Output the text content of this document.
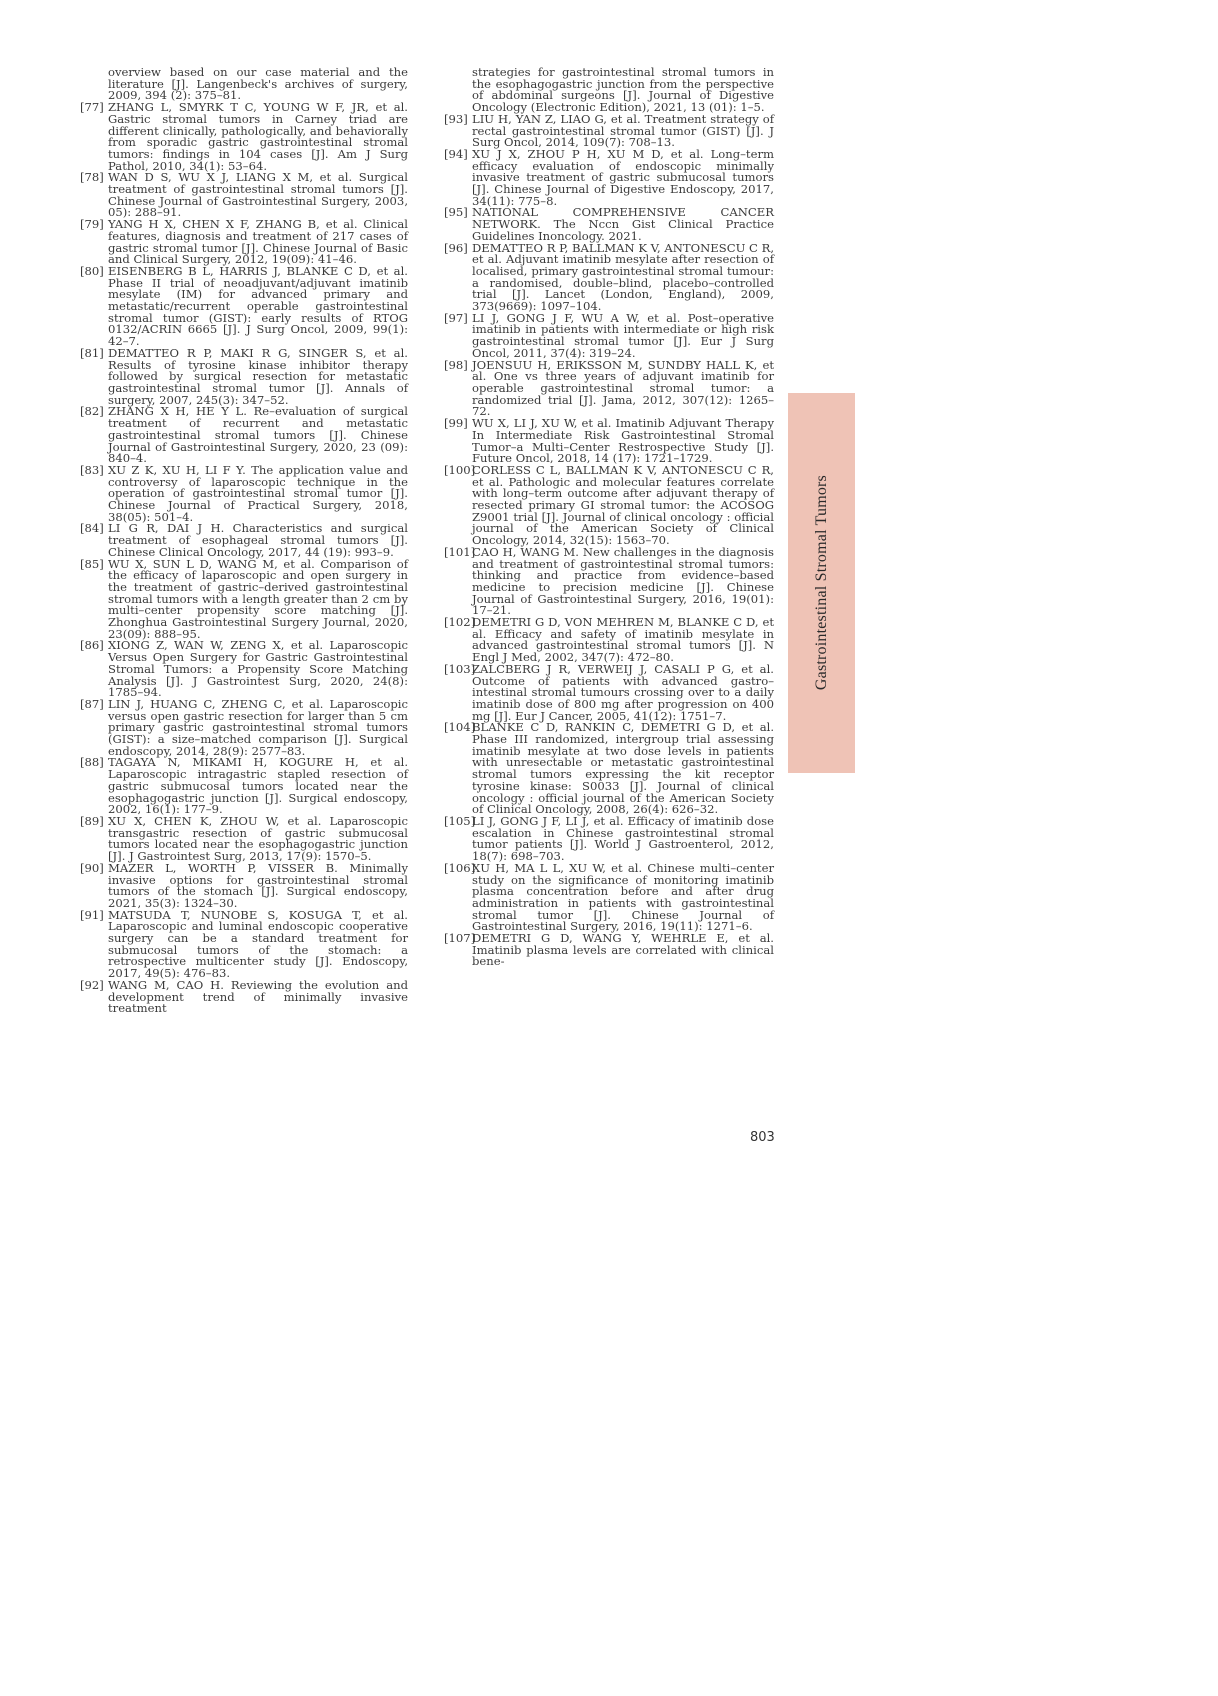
overview based on our case material and the literature [J]. Langenbeck's archives of surgery, 2009, 394 (2): 375–81.

[77] ZHANG L, SMYRK T C, YOUNG W F, JR, et al. Gastric stromal tumors in Carney triad are different clinically, pathologically, and behaviorally from sporadic gastric gastrointestinal stromal tumors: findings in 104 cases [J]. Am J Surg Pathol, 2010, 34(1): 53–64.

[78] WAN D S, WU X J, LIANG X M, et al. Surgical treatment of gastrointestinal stromal tumors [J]. Chinese Journal of Gastrointestinal Surgery, 2003, 05): 288–91.

[79] YANG H X, CHEN X F, ZHANG B, et al. Clinical features, diagnosis and treatment of 217 cases of gastric stromal tumor [J]. Chinese Journal of Basic and Clinical Surgery, 2012, 19(09): 41–46.

[80] EISENBERG B L, HARRIS J, BLANKE C D, et al. Phase II trial of neoadjuvant/adjuvant imatinib mesylate (IM) for advanced primary and metastatic/recurrent operable gastrointestinal stromal tumor (GIST): early results of RTOG 0132/ACRIN 6665 [J]. J Surg Oncol, 2009, 99(1): 42–7.

[81] DEMATTEO R P, MAKI R G, SINGER S, et al. Results of tyrosine kinase inhibitor therapy followed by surgical resection for metastatic gastrointestinal stromal tumor [J]. Annals of surgery, 2007, 245(3): 347–52.

[82] ZHANG X H, HE Y L. Re–evaluation of surgical treatment of recurrent and metastatic gastrointestinal stromal tumors [J]. Chinese Journal of Gastrointestinal Surgery, 2020, 23 (09): 840–4.

[83] XU Z K, XU H, LI F Y. The application value and controversy of laparoscopic technique in the operation of gastrointestinal stromal tumor [J]. Chinese Journal of Practical Surgery, 2018, 38(05): 501–4.

[84] LI G R, DAI J H. Characteristics and surgical treatment of esophageal stromal tumors [J]. Chinese Clinical Oncology, 2017, 44 (19): 993–9.

[85] WU X, SUN L D, WANG M, et al. Comparison of the efficacy of laparoscopic and open surgery in the treatment of gastric–derived gastrointestinal stromal tumors with a length greater than 2 cm by multi–center propensity score matching [J]. Zhonghua Gastrointestinal Surgery Journal, 2020, 23(09): 888–95.

[86] XIONG Z, WAN W, ZENG X, et al. Laparoscopic Versus Open Surgery for Gastric Gastrointestinal Stromal Tumors: a Propensity Score Matching Analysis [J]. J Gastrointest Surg, 2020, 24(8): 1785–94.

[87] LIN J, HUANG C, ZHENG C, et al. Laparoscopic versus open gastric resection for larger than 5 cm primary gastric gastrointestinal stromal tumors (GIST): a size–matched comparison [J]. Surgical endoscopy, 2014, 28(9): 2577–83.

[88] TAGAYA N, MIKAMI H, KOGURE H, et al. Laparoscopic intragastric stapled resection of gastric submucosal tumors located near the esophagogastric junction [J]. Surgical endoscopy, 2002, 16(1): 177–9.

[89] XU X, CHEN K, ZHOU W, et al. Laparoscopic transgastric resection of gastric submucosal tumors located near the esophagogastric junction [J]. J Gastrointest Surg, 2013, 17(9): 1570–5.

[90] MAZER L, WORTH P, VISSER B. Minimally invasive options for gastrointestinal stromal tumors of the stomach [J]. Surgical endoscopy, 2021, 35(3): 1324–30.

[91] MATSUDA T, NUNOBE S, KOSUGA T, et al. Laparoscopic and luminal endoscopic cooperative surgery can be a standard treatment for submucosal tumors of the stomach: a retrospective multicenter study [J]. Endoscopy, 2017, 49(5): 476–83.

[92] WANG M, CAO H. Reviewing the evolution and development trend of minimally invasive treatment

strategies for gastrointestinal stromal tumors in the esophagogastric junction from the perspective of abdominal surgeons [J]. Journal of Digestive Oncology (Electronic Edition), 2021, 13 (01): 1–5.

[93] LIU H, YAN Z, LIAO G, et al. Treatment strategy of rectal gastrointestinal stromal tumor (GIST) [J]. J Surg Oncol, 2014, 109(7): 708–13.

[94] XU J X, ZHOU P H, XU M D, et al. Long–term efficacy evaluation of endoscopic minimally invasive treatment of gastric submucosal tumors [J]. Chinese Journal of Digestive Endoscopy, 2017, 34(11): 775–8.

[95] NATIONAL COMPREHENSIVE CANCER NETWORK. The Nccn Gist Clinical Practice Guidelines Inoncology. 2021.

[96] DEMATTEO R P, BALLMAN K V, ANTONESCU C R, et al. Adjuvant imatinib mesylate after resection of localised, primary gastrointestinal stromal tumour: a randomised, double–blind, placebo–controlled trial [J]. Lancet (London, England), 2009, 373(9669): 1097–104.

[97] LI J, GONG J F, WU A W, et al. Post–operative imatinib in patients with intermediate or high risk gastrointestinal stromal tumor [J]. Eur J Surg Oncol, 2011, 37(4): 319–24.

[98] JOENSUU H, ERIKSSON M, SUNDBY HALL K, et al. One vs three years of adjuvant imatinib for operable gastrointestinal stromal tumor: a randomized trial [J]. Jama, 2012, 307(12): 1265–72.

[99] WU X, LI J, XU W, et al. Imatinib Adjuvant Therapy In Intermediate Risk Gastrointestinal Stromal Tumor–a Multi–Center Restrospective Study [J]. Future Oncol, 2018, 14 (17): 1721–1729.

[100]
CORLESS C L, BALLMAN K V, ANTONESCU C R, et al. Pathologic and molecular features correlate with long–term outcome after adjuvant therapy of resected primary GI stromal tumor: the ACOSOG Z9001 trial [J]. Journal of clinical oncology : official journal of the American Society of Clinical Oncology, 2014, 32(15): 1563–70.

[101]
CAO H, WANG M. New challenges in the diagnosis and treatment of gastrointestinal stromal tumors: thinking and practice from evidence–based medicine to precision medicine [J]. Chinese Journal of Gastrointestinal Surgery, 2016, 19(01): 17–21.

[102]
DEMETRI G D, VON MEHREN M, BLANKE C D, et al. Efficacy and safety of imatinib mesylate in advanced gastrointestinal stromal tumors [J]. N Engl J Med, 2002, 347(7): 472–80.

[103]
ZALCBERG J R, VERWEIJ J, CASALI P G, et al. Outcome of patients with advanced gastro–intestinal stromal tumours crossing over to a daily imatinib dose of 800 mg after progression on 400 mg [J]. Eur J Cancer, 2005, 41(12): 1751–7.

[104]
BLANKE C D, RANKIN C, DEMETRI G D, et al. Phase III randomized, intergroup trial assessing imatinib mesylate at two dose levels in patients with unresectable or metastatic gastrointestinal stromal tumors expressing the kit receptor tyrosine kinase: S0033 [J]. Journal of clinical oncology : official journal of the American Society of Clinical Oncology, 2008, 26(4): 626–32.

[105]
LI J, GONG J F, LI J, et al. Efficacy of imatinib dose escalation in Chinese gastrointestinal stromal tumor patients [J]. World J Gastroenterol, 2012, 18(7): 698–703.

[106]
XU H, MA L L, XU W, et al. Chinese multi–center study on the significance of monitoring imatinib plasma concentration before and after drug administration in patients with gastrointestinal stromal tumor [J]. Chinese Journal of Gastrointestinal Surgery, 2016, 19(11): 1271–6.

[107]
DEMETRI G D, WANG Y, WEHRLE E, et al. Imatinib plasma levels are correlated with clinical bene-

Gastrointestinal Stromal Tumors
803
